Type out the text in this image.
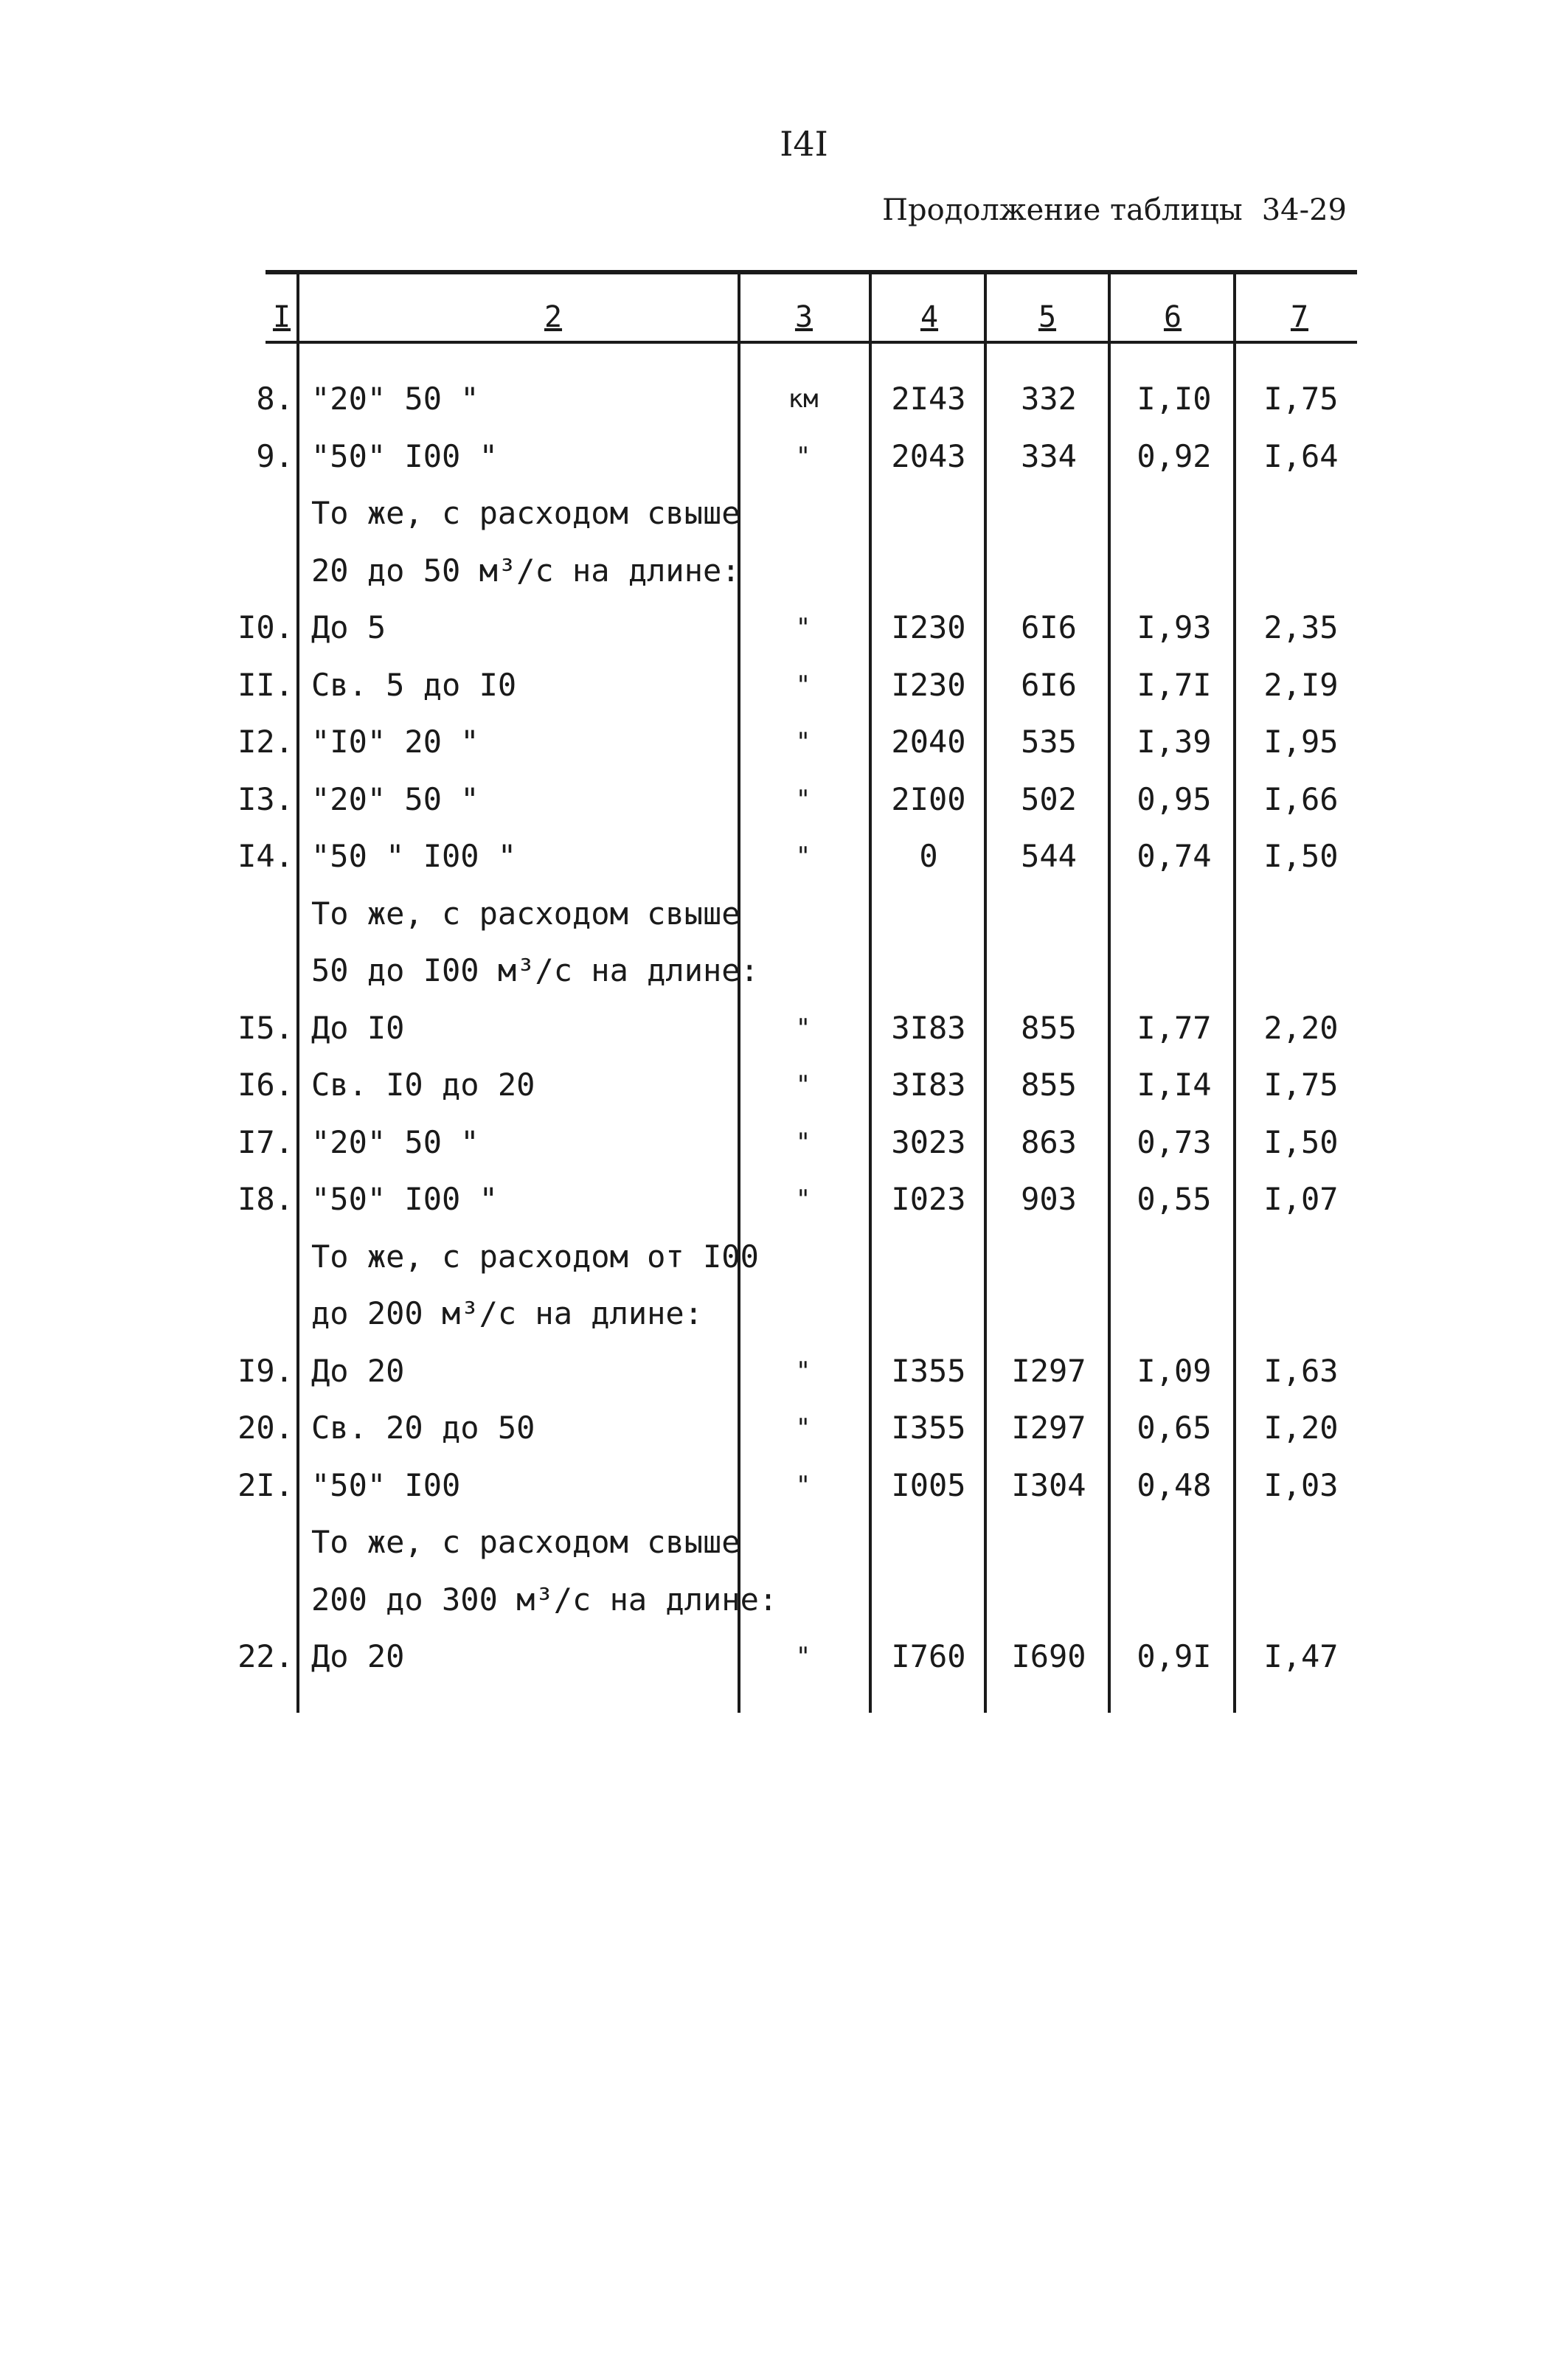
I4I
Продолжение таблицы 34-29
I	2	3	4	5	6	7
8. "20" 50 "	км	2I43	332	I,I0	I,75
9. "50" I00 "	"	2043	334	0,92	I,64
То же, с расходом свыше
20 до 50 м³/с на длине:
I0. До 5	"	I230	6I6	I,93	2,35
II. Св. 5 до I0	"	I230	6I6	I,7I	2,I9
I2. "I0" 20 "	"	2040	535	I,39	I,95
I3. "20" 50 "	"	2I00	502	0,95	I,66
I4. "50 " I00 "	"	0	544	0,74	I,50
То же, с расходом свыше
50 до I00 м³/с на длине:
I5. До I0	"	3I83	855	I,77	2,20
I6. Св. I0 до 20	"	3I83	855	I,I4	I,75
I7. "20" 50 "	"	3023	863	0,73	I,50
I8. "50" I00 "	"	I023	903	0,55	I,07
То же, с расходом от I00
до 200 м³/с на длине:
I9. До 20	"	I355	I297	I,09	I,63
20. Св. 20 до 50	"	I355	I297	0,65	I,20
2I. "50" I00	"	I005	I304	0,48	I,03
То же, с расходом свыше
200 до 300 м³/с на длине:
22. До 20	"	I760	I690	0,9I	I,47
